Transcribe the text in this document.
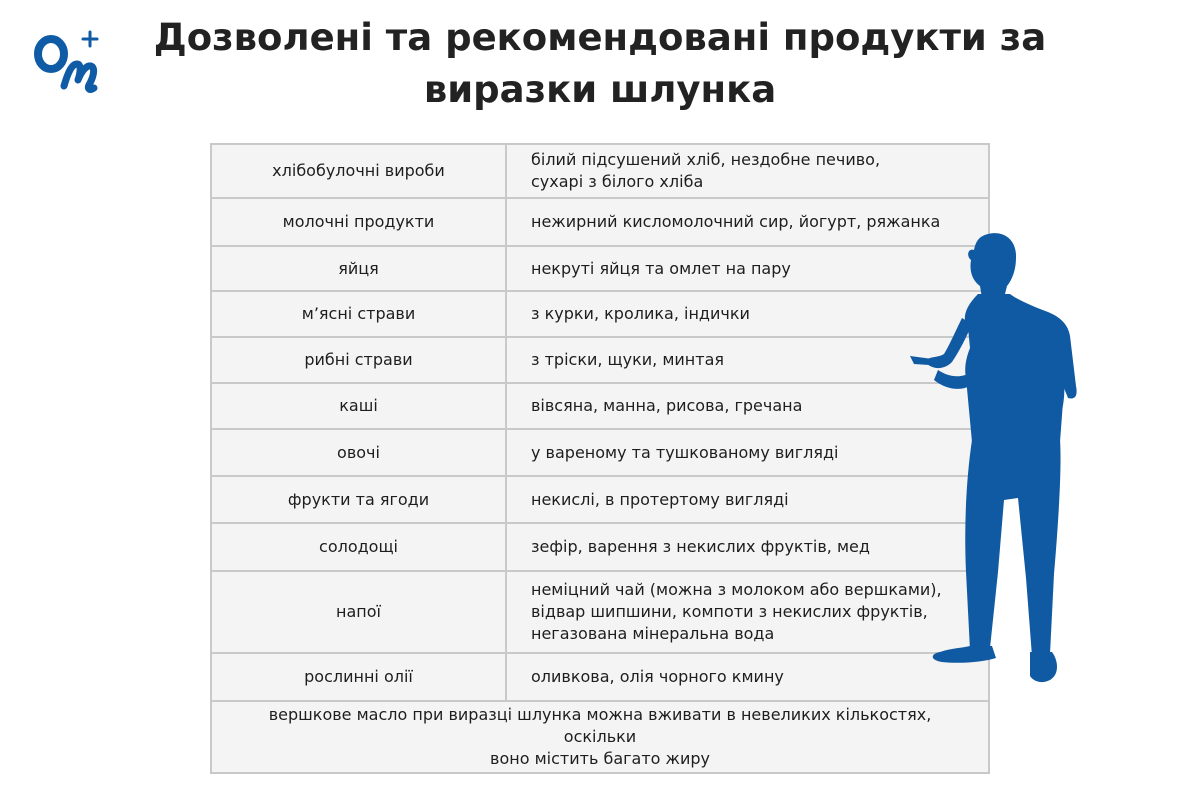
Дозволені та рекомендовані продукти за
виразки шлунка
хлібобулочні вироби	білий підсушений хліб, нездобне печиво,
сухарі з білого хліба

молочні продукти	нежирний кисломолочний сир, йогурт, ряжанка

яйця	некруті яйця та омлет на пару

м’ясні страви	з курки, кролика, індички

рибні страви	з тріски, щуки, минтая

каші	вівсяна, манна, рисова, гречана

овочі	у вареному та тушкованому вигляді

фрукти та ягоди	некислі, в протертому вигляді

солодощі	зефір, варення з некислих фруктів, мед

напої	неміцний чай (можна з молоком або вершками),
відвар шипшини, компоти з некислих фруктів,
негазована мінеральна вода

рослинні олії	оливкова, олія чорного кмину

вершкове масло при виразці шлунка можна вживати в невеликих кількостях, оскільки
воно містить багато жиру	
